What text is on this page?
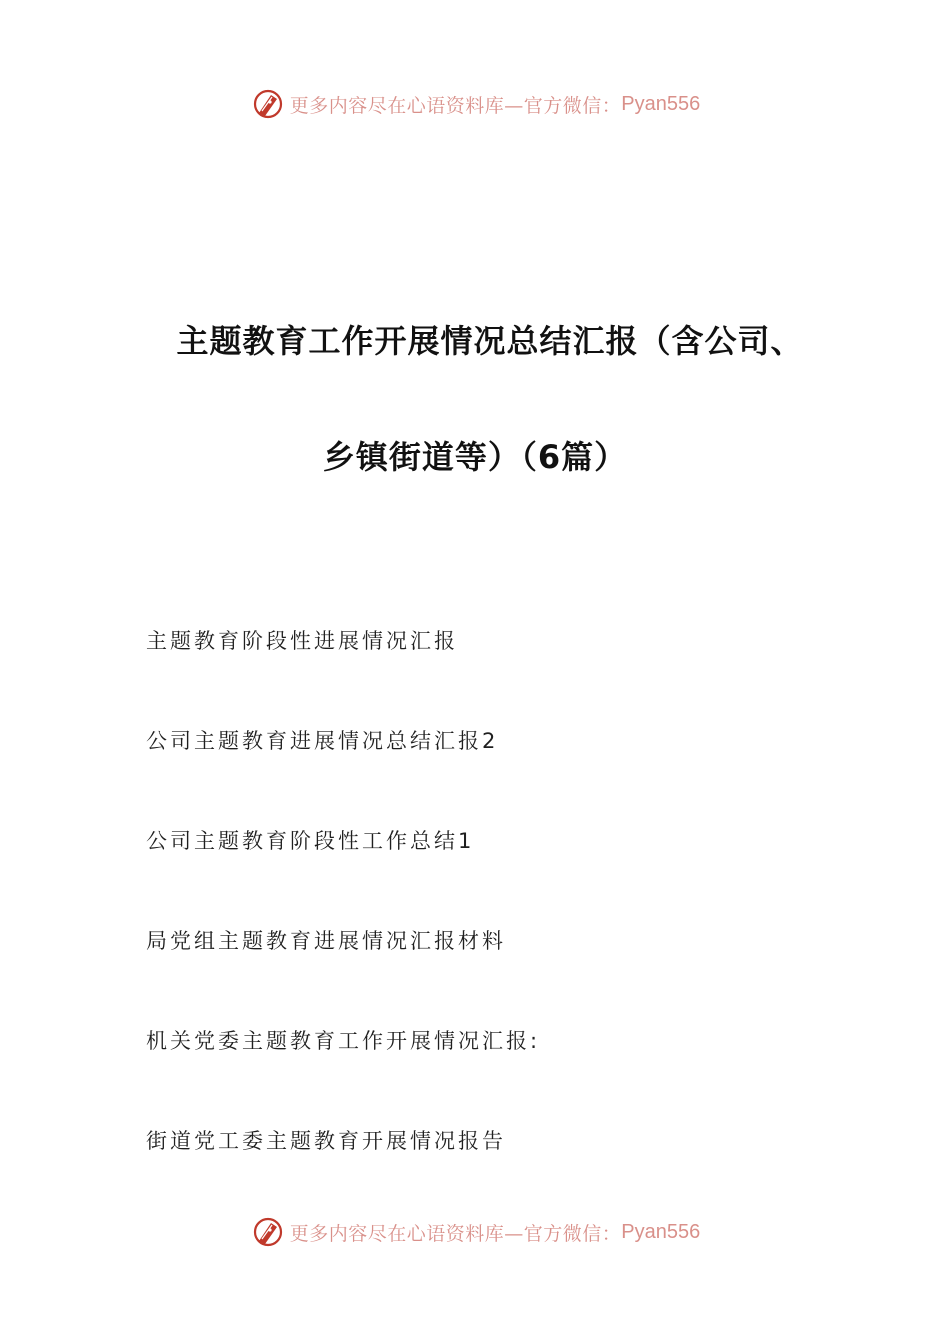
更多内容尽在心语资料库—官方微信： Pyan556
主题教育工作开展情况总结汇报（含公司、
乡镇街道等）（6篇）
主题教育阶段性进展情况汇报
公司主题教育进展情况总结汇报2
公司主题教育阶段性工作总结1
局党组主题教育进展情况汇报材料
机关党委主题教育工作开展情况汇报:
街道党工委主题教育开展情况报告
更多内容尽在心语资料库—官方微信： Pyan556
